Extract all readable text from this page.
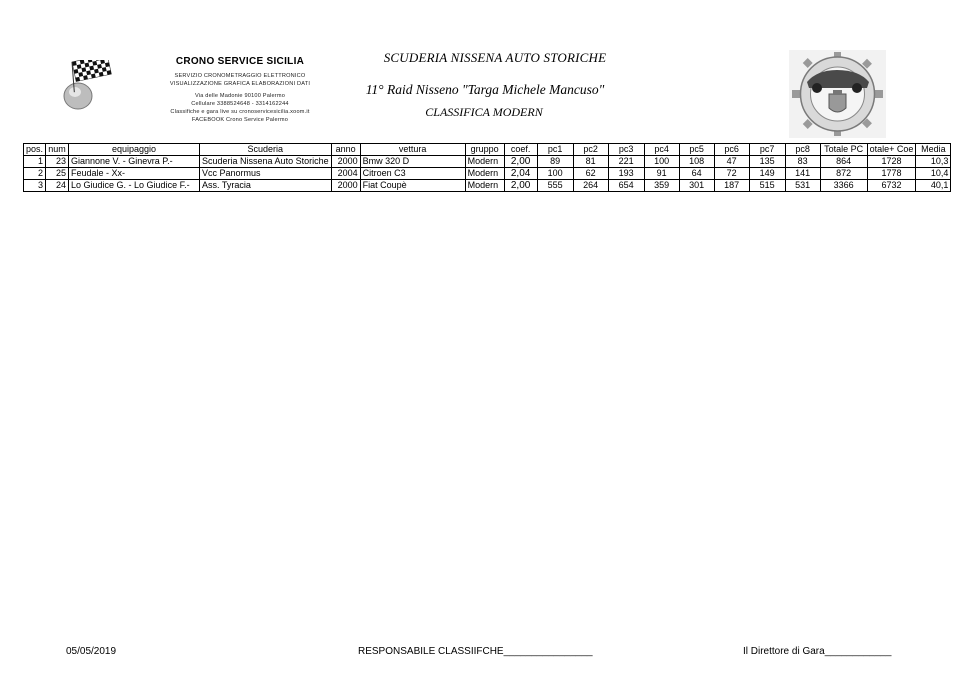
CRONO SERVICE SICILIA
SERVIZIO CRONOMETRAGGIO ELETTRONICO
VISUALIZZAZIONE GRAFICA ELABORAZIONI DATI
Via delle Madonie 90100 Palermo
Cellulare 3388524648 - 3314162244
Classifiche e gara live su cronoservicesicilia.xoom.it
FACEBOOK Crono Service Palermo
SCUDERIA NISSENA AUTO STORICHE
11° Raid Nisseno "Targa Michele Mancuso"
CLASSIFICA MODERN
pos.	num	equipaggio	Scuderia	anno	vettura	gruppo	coef.	pc1	pc2	pc3	pc4	pc5	pc6	pc7	pc8	Totale PC	otale+ Coe	Media
1	23	Giannone V. - Ginevra P.-	Scuderia Nissena Auto Storiche	2000	Bmw 320 D	Modern	2,00	89	81	221	100	108	47	135	83	864	1728	10,3
2	25	Feudale - Xx-	Vcc Panormus	2004	Citroen C3	Modern	2,04	100	62	193	91	64	72	149	141	872	1778	10,4
3	24	Lo Giudice G. - Lo Giudice F.-	Ass. Tyracia	2000	Fiat Coupè	Modern	2,00	555	264	654	359	301	187	515	531	3366	6732	40,1
05/05/2019	RESPONSABILE CLASSIIFCHE________________	Il Direttore di Gara____________
